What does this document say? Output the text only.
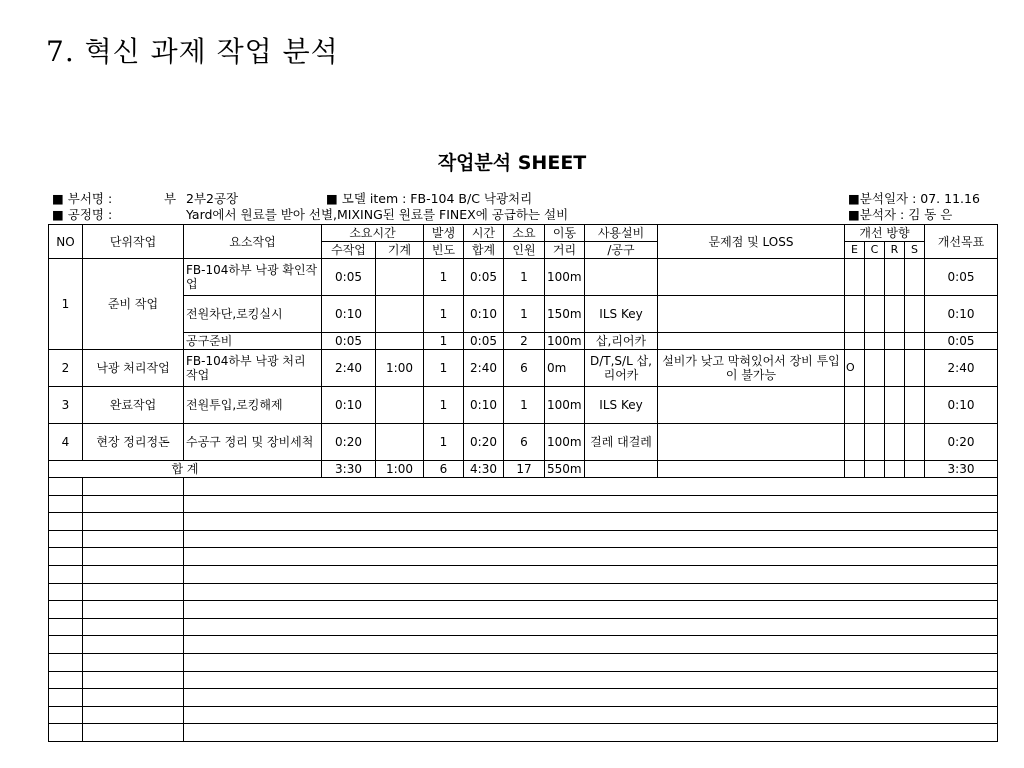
7. 혁신 과제 작업 분석
작업분석 SHEET
■ 부서명 :	부 2부2공장	■ 모델 item : FB-104 B/C 낙광처리	■분석일자 : 07. 11.16
■ 공정명 :	Yard에서 원료를 받아 선별,MIXING된 원료를 FINEX에 공급하는 설비	■분석자 : 김 동 은
NO	단위작업	요소작업	소요시간		발생	시간	소요	이동	사용설비	문제점 및 LOSS	개선 방향				개선목표
			수작업	기계	빈도	합계	인원	거리	/공구		E	C	R	S	
1	준비 작업	FB-104하부 낙광 확인작업	0:05		1	0:05	1	100m							0:05
		전원차단,로킹실시	0:10		1	0:10	1	150m	ILS Key						0:10
		공구준비	0:05		1	0:05	2	100m	삽,리어카						0:05
2	낙광 처리작업	FB-104하부 낙광 처리 작업	2:40	1:00	1	2:40	6	0m	D/T,S/L 삽,리어카	설비가 낮고 막혀있어서 장비 투입이 불가능	O				2:40
3	완료작업	전원투입,로킹해제	0:10		1	0:10	1	100m	ILS Key						0:10
4	현장 정리정돈	수공구 정리 및 장비세척	0:20		1	0:20	6	100m	걸레 대걸레						0:20
합 계			3:30	1:00	6	4:30	17	550m							3:30
